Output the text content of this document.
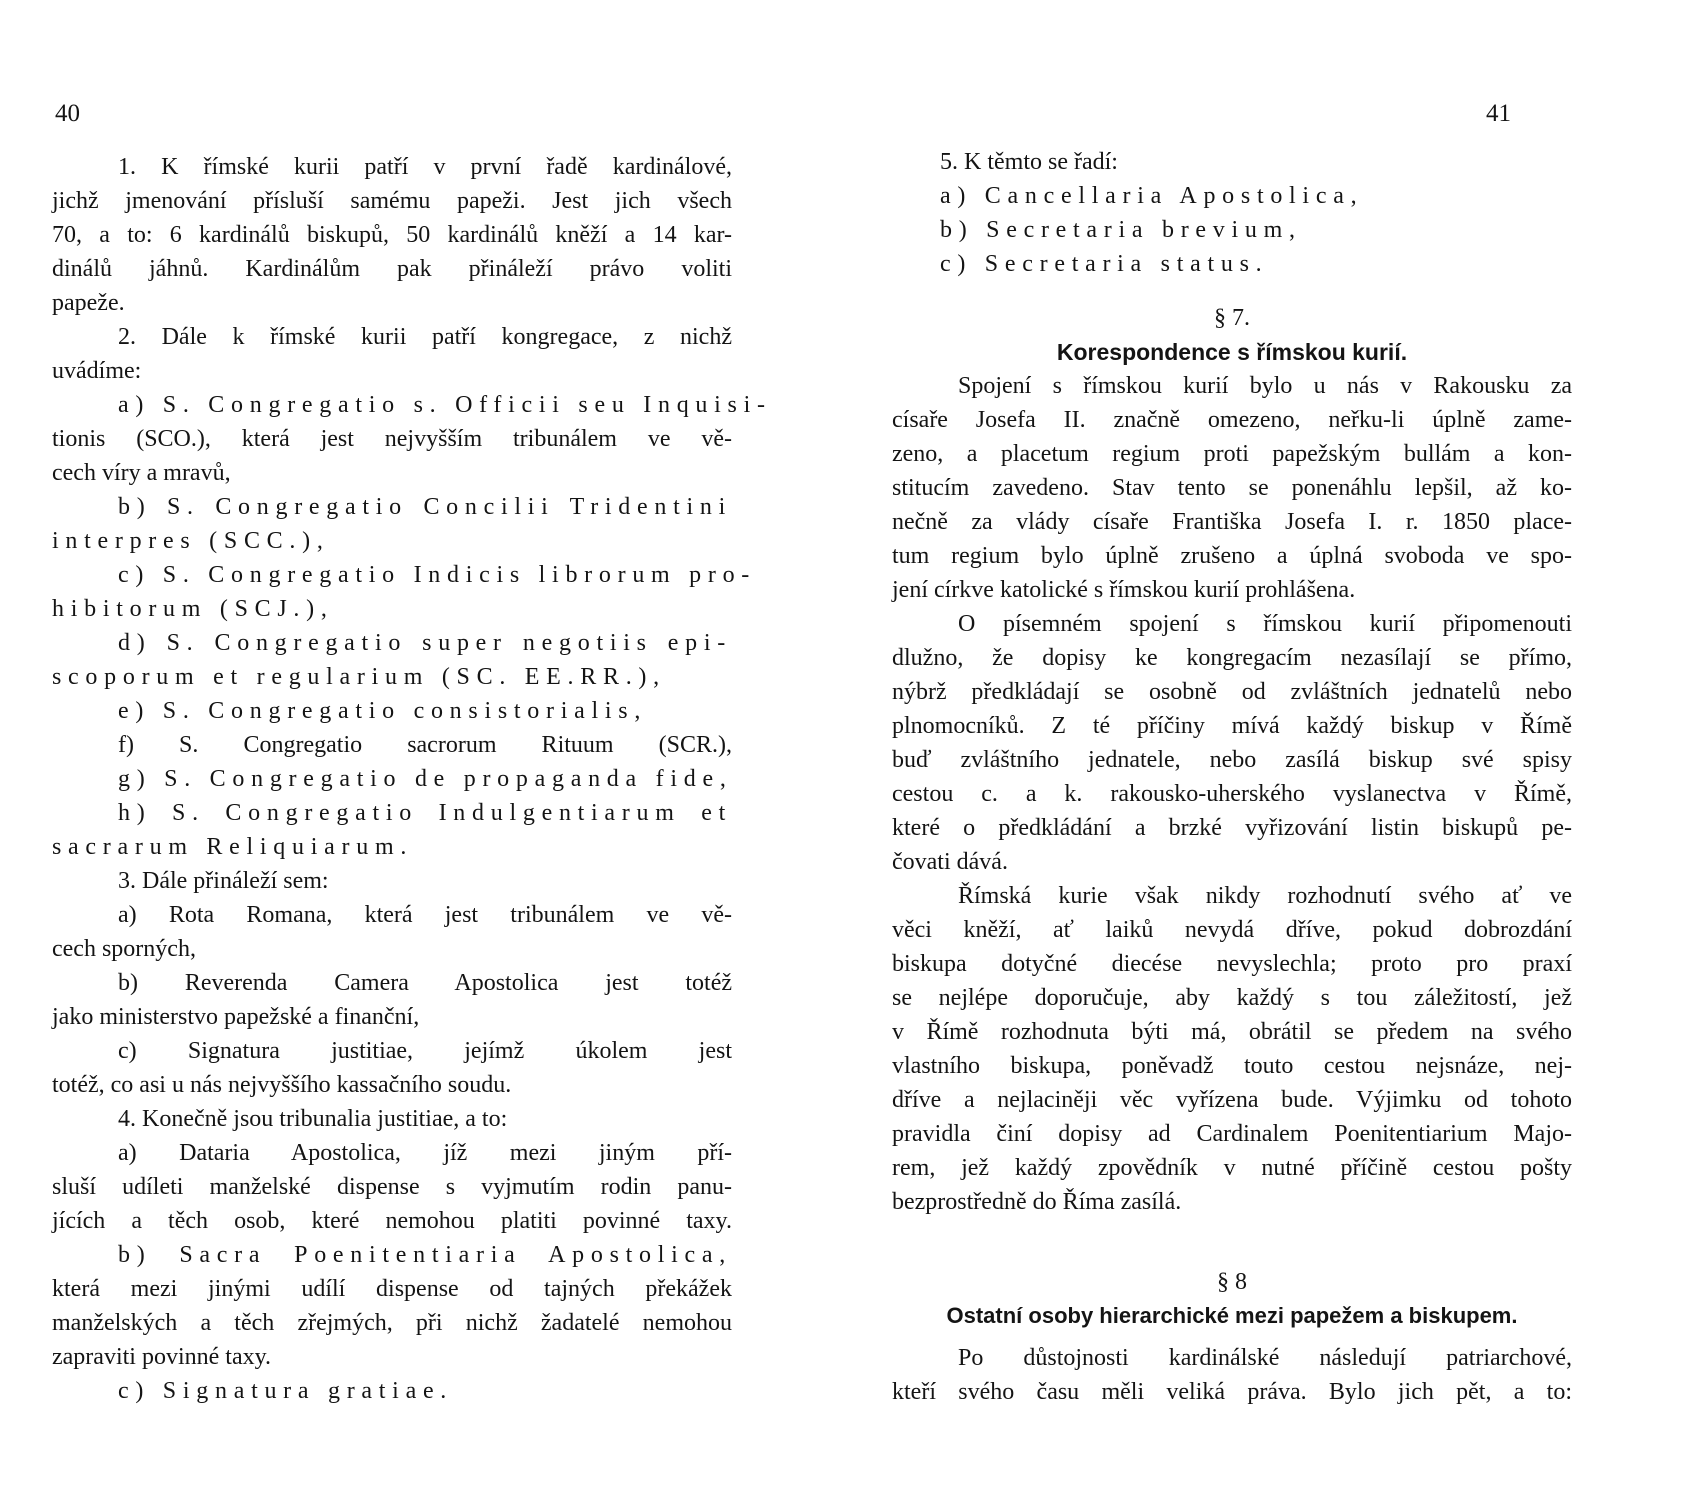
40
1. K římské kurii patří v první řadě kardinálové,
jichž jmenování přísluší samému papeži. Jest jich všech
70, a to: 6 kardinálů biskupů, 50 kardinálů kněží a 14 kar-
dinálů jáhnů. Kardinálům pak přináleží právo voliti
papeže.
2. Dále k římské kurii patří kongregace, z nichž
uvádíme:
a) S. Congregatio s. Officii seu Inquisi-
tionis (SCO.), která jest nejvyšším tribunálem ve vě-
cech víry a mravů,
b) S. Congregatio Concilii Tridentini
interpres (SCC.),
c) S. Congregatio Indicis librorum pro-
hibitorum (SCJ.),
d) S. Congregatio super negotiis epi-
scoporum et regularium (SC. EE.RR.),
e) S. Congregatio consistorialis,
f) S. Congregatio sacrorum Rituum (SCR.),
g) S. Congregatio de propaganda fide,
h) S. Congregatio Indulgentiarum et
sacrarum Reliquiarum.
3. Dále přináleží sem:
a) Rota Romana, která jest tribunálem ve vě-
cech sporných,
b) Reverenda Camera Apostolica jest totéž
jako ministerstvo papežské a finanční,
c) Signatura justitiae, jejímž úkolem jest
totéž, co asi u nás nejvyššího kassačního soudu.
4. Konečně jsou tribunalia justitiae, a to:
a) Dataria Apostolica, jíž mezi jiným pří-
sluší udíleti manželské dispense s vyjmutím rodin panu-
jících a těch osob, které nemohou platiti povinné taxy.
b) Sacra Poenitentiaria Apostolica,
která mezi jinými udílí dispense od tajných překážek
manželských a těch zřejmých, při nichž žadatelé nemohou
zapraviti povinné taxy.
c) Signatura gratiae.
41
5. K těmto se řadí:
a) Cancellaria Apostolica,
b) Secretaria brevium,
c) Secretaria status.
§ 7.
Korespondence s římskou kurií.
Spojení s římskou kurií bylo u nás v Rakousku za
císaře Josefa II. značně omezeno, neřku-li úplně zame-
zeno, a placetum regium proti papežským bullám a kon-
stitucím zavedeno. Stav tento se ponenáhlu lepšil, až ko-
nečně za vlády císaře Františka Josefa I. r. 1850 place-
tum regium bylo úplně zrušeno a úplná svoboda ve spo-
jení církve katolické s římskou kurií prohlášena.
O písemném spojení s římskou kurií připomenouti
dlužno, že dopisy ke kongregacím nezasílají se přímo,
nýbrž předkládají se osobně od zvláštních jednatelů nebo
plnomocníků. Z té příčiny mívá každý biskup v Římě
buď zvláštního jednatele, nebo zasílá biskup své spisy
cestou c. a k. rakousko-uherského vyslanectva v Římě,
které o předkládání a brzké vyřizování listin biskupů pe-
čovati dává.
Římská kurie však nikdy rozhodnutí svého ať ve
věci kněží, ať laiků nevydá dříve, pokud dobrozdání
biskupa dotyčné diecése nevyslechla; proto pro praxí
se nejlépe doporučuje, aby každý s tou záležitostí, jež
v Římě rozhodnuta býti má, obrátil se předem na svého
vlastního biskupa, poněvadž touto cestou nejsnáze, nej-
dříve a nejlaciněji věc vyřízena bude. Výjimku od tohoto
pravidla činí dopisy ad Cardinalem Poenitentiarium Majo-
rem, jež každý zpovědník v nutné příčině cestou pošty
bezprostředně do Říma zasílá.
§ 8
Ostatní osoby hierarchické mezi papežem a biskupem.
Po důstojnosti kardinálské následují patriarchové,
kteří svého času měli veliká práva. Bylo jich pět, a to:
